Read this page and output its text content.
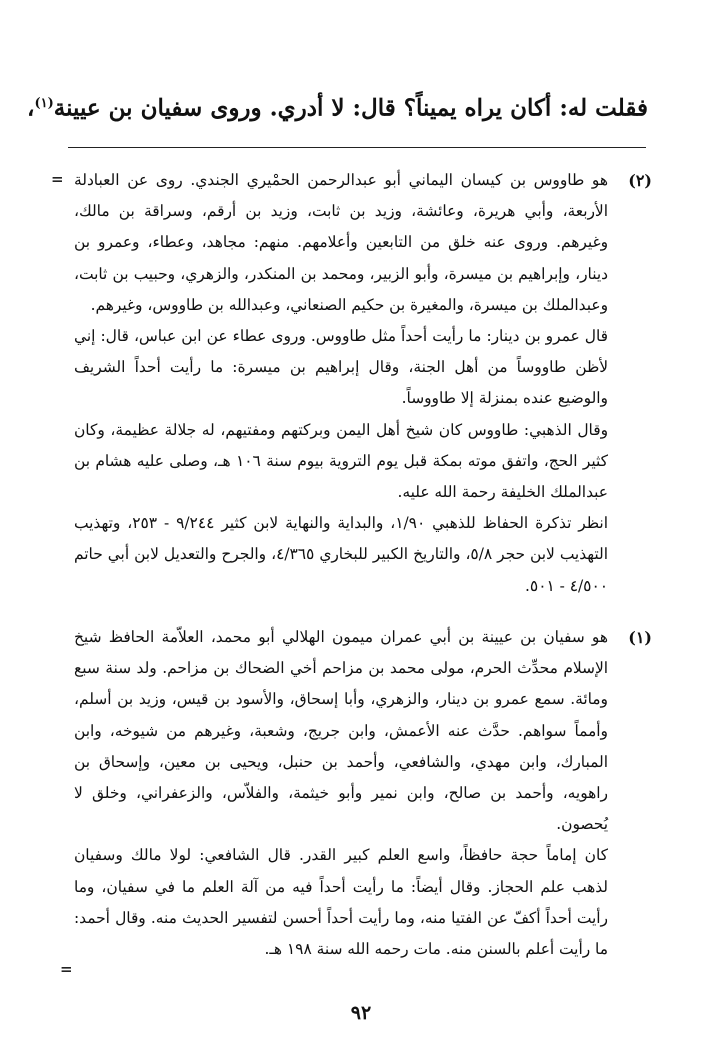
فقلت له: أكان يراه يميناً؟ قال: لا أدري. وروى سفيان بن عيينة$^{(١)}$،
=	(٢)

هو طاووس بن كيسان اليماني أبو عبدالرحمن الحمْيري الجندي. روى عن العبادلة الأربعة، وأبي هريرة، وعائشة، وزيد بن ثابت، وزيد بن أرقم، وسراقة بن مالك، وغيرهم. وروى عنه خلق من التابعين وأعلامهم. منهم: مجاهد، وعطاء، وعمرو بن دينار، وإبراهيم بن ميسرة، وأبو الزبير، ومحمد بن المنكدر، والزهري، وحبيب بن ثابت، وعبدالملك بن ميسرة، والمغيرة بن حكيم الصنعاني، وعبدالله بن طاووس، وغيرهم.

قال عمرو بن دينار: ما رأيت أحداً مثل طاووس. وروى عطاء عن ابن عباس، قال: إني لأظن طاووساً من أهل الجنة، وقال إبراهيم بن ميسرة: ما رأيت أحداً الشريف والوضيع عنده بمنزلة إلا طاووساً.

وقال الذهبي: طاووس كان شيخ أهل اليمن وبركتهم ومفتيهم، له جلالة عظيمة، وكان كثير الحج، واتفق موته بمكة قبل يوم التروية بيوم سنة ١٠٦ هـ، وصلى عليه هشام بن عبدالملك الخليفة رحمة الله عليه.

انظر تذكرة الحفاظ للذهبي ١/٩٠، والبداية والنهاية لابن كثير ٩/٢٤٤ - ٢٥٣، وتهذيب التهذيب لابن حجر ٥/٨، والتاريخ الكبير للبخاري ٤/٣٦٥، والجرح والتعديل لابن أبي حاتم ٤/٥٠٠ - ٥٠١.

(١)

هو سفيان بن عيينة بن أبي عمران ميمون الهلالي أبو محمد، العلاّمة الحافظ شيخ الإسلام محدِّث الحرم، مولى محمد بن مزاحم أخي الضحاك بن مزاحم. ولد سنة سبع ومائة. سمع عمرو بن دينار، والزهري، وأبا إسحاق، والأسود بن قيس، وزيد بن أسلم، وأمماً سواهم. حدَّث عنه الأعمش، وابن جريج، وشعبة، وغيرهم من شيوخه، وابن المبارك، وابن مهدي، والشافعي، وأحمد بن حنبل، ويحيى بن معين، وإسحاق بن راهويه، وأحمد بن صالح، وابن نمير وأبو خيثمة، والفلاّس، والزعفراني، وخلق لا يُحصون.

كان إماماً حجة حافظاً، واسع العلم كبير القدر. قال الشافعي: لولا مالك وسفيان لذهب علم الحجاز. وقال أيضاً: ما رأيت أحداً فيه من آلة العلم ما في سفيان، وما رأيت أحداً أكفّ عن الفتيا منه، وما رأيت أحداً أحسن لتفسير الحديث منه. وقال أحمد: ما رأيت أعلم بالسنن منه. مات رحمه الله سنة ١٩٨ هـ.

=
٩٢
